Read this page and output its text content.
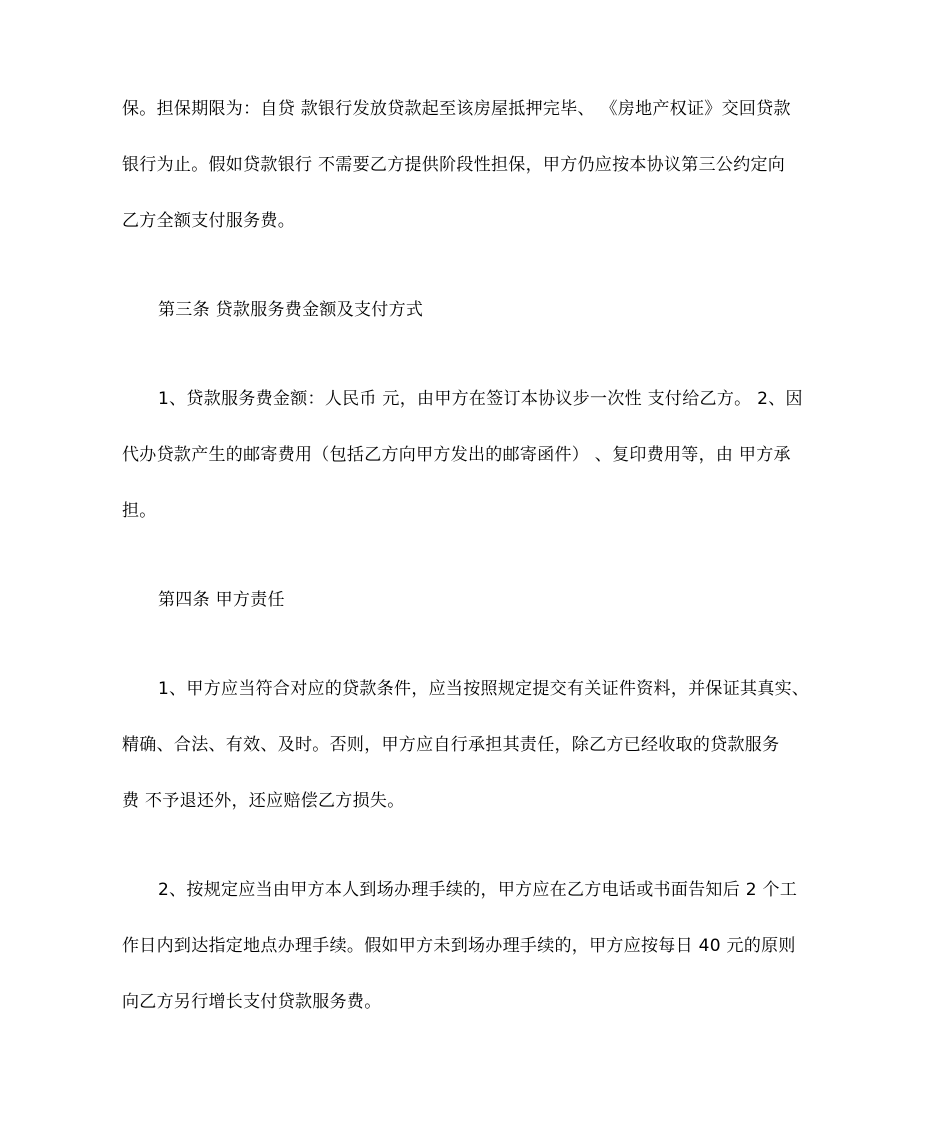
保。担保期限为：自贷 款银行发放贷款起至该房屋抵押完毕、 《房地产权证》交回贷款
银行为止。假如贷款银行 不需要乙方提供阶段性担保，甲方仍应按本协议第三公约定向
乙方全额支付服务费。
第三条 贷款服务费金额及支付方式
1、贷款服务费金额：人民币 元，由甲方在签订本协议步一次性 支付给乙方。 2、因
代办贷款产生的邮寄费用（包括乙方向甲方发出的邮寄函件） 、复印费用等，由 甲方承
担。
第四条 甲方责任
1、甲方应当符合对应的贷款条件，应当按照规定提交有关证件资料，并保证其真实、
精确、合法、有效、及时。否则，甲方应自行承担其责任，除乙方已经收取的贷款服务
费 不予退还外，还应赔偿乙方损失。
2、按规定应当由甲方本人到场办理手续的，甲方应在乙方电话或书面告知后 2 个工
作日内到达指定地点办理手续。假如甲方未到场办理手续的，甲方应按每日 40 元的原则
向乙方另行增长支付贷款服务费。
